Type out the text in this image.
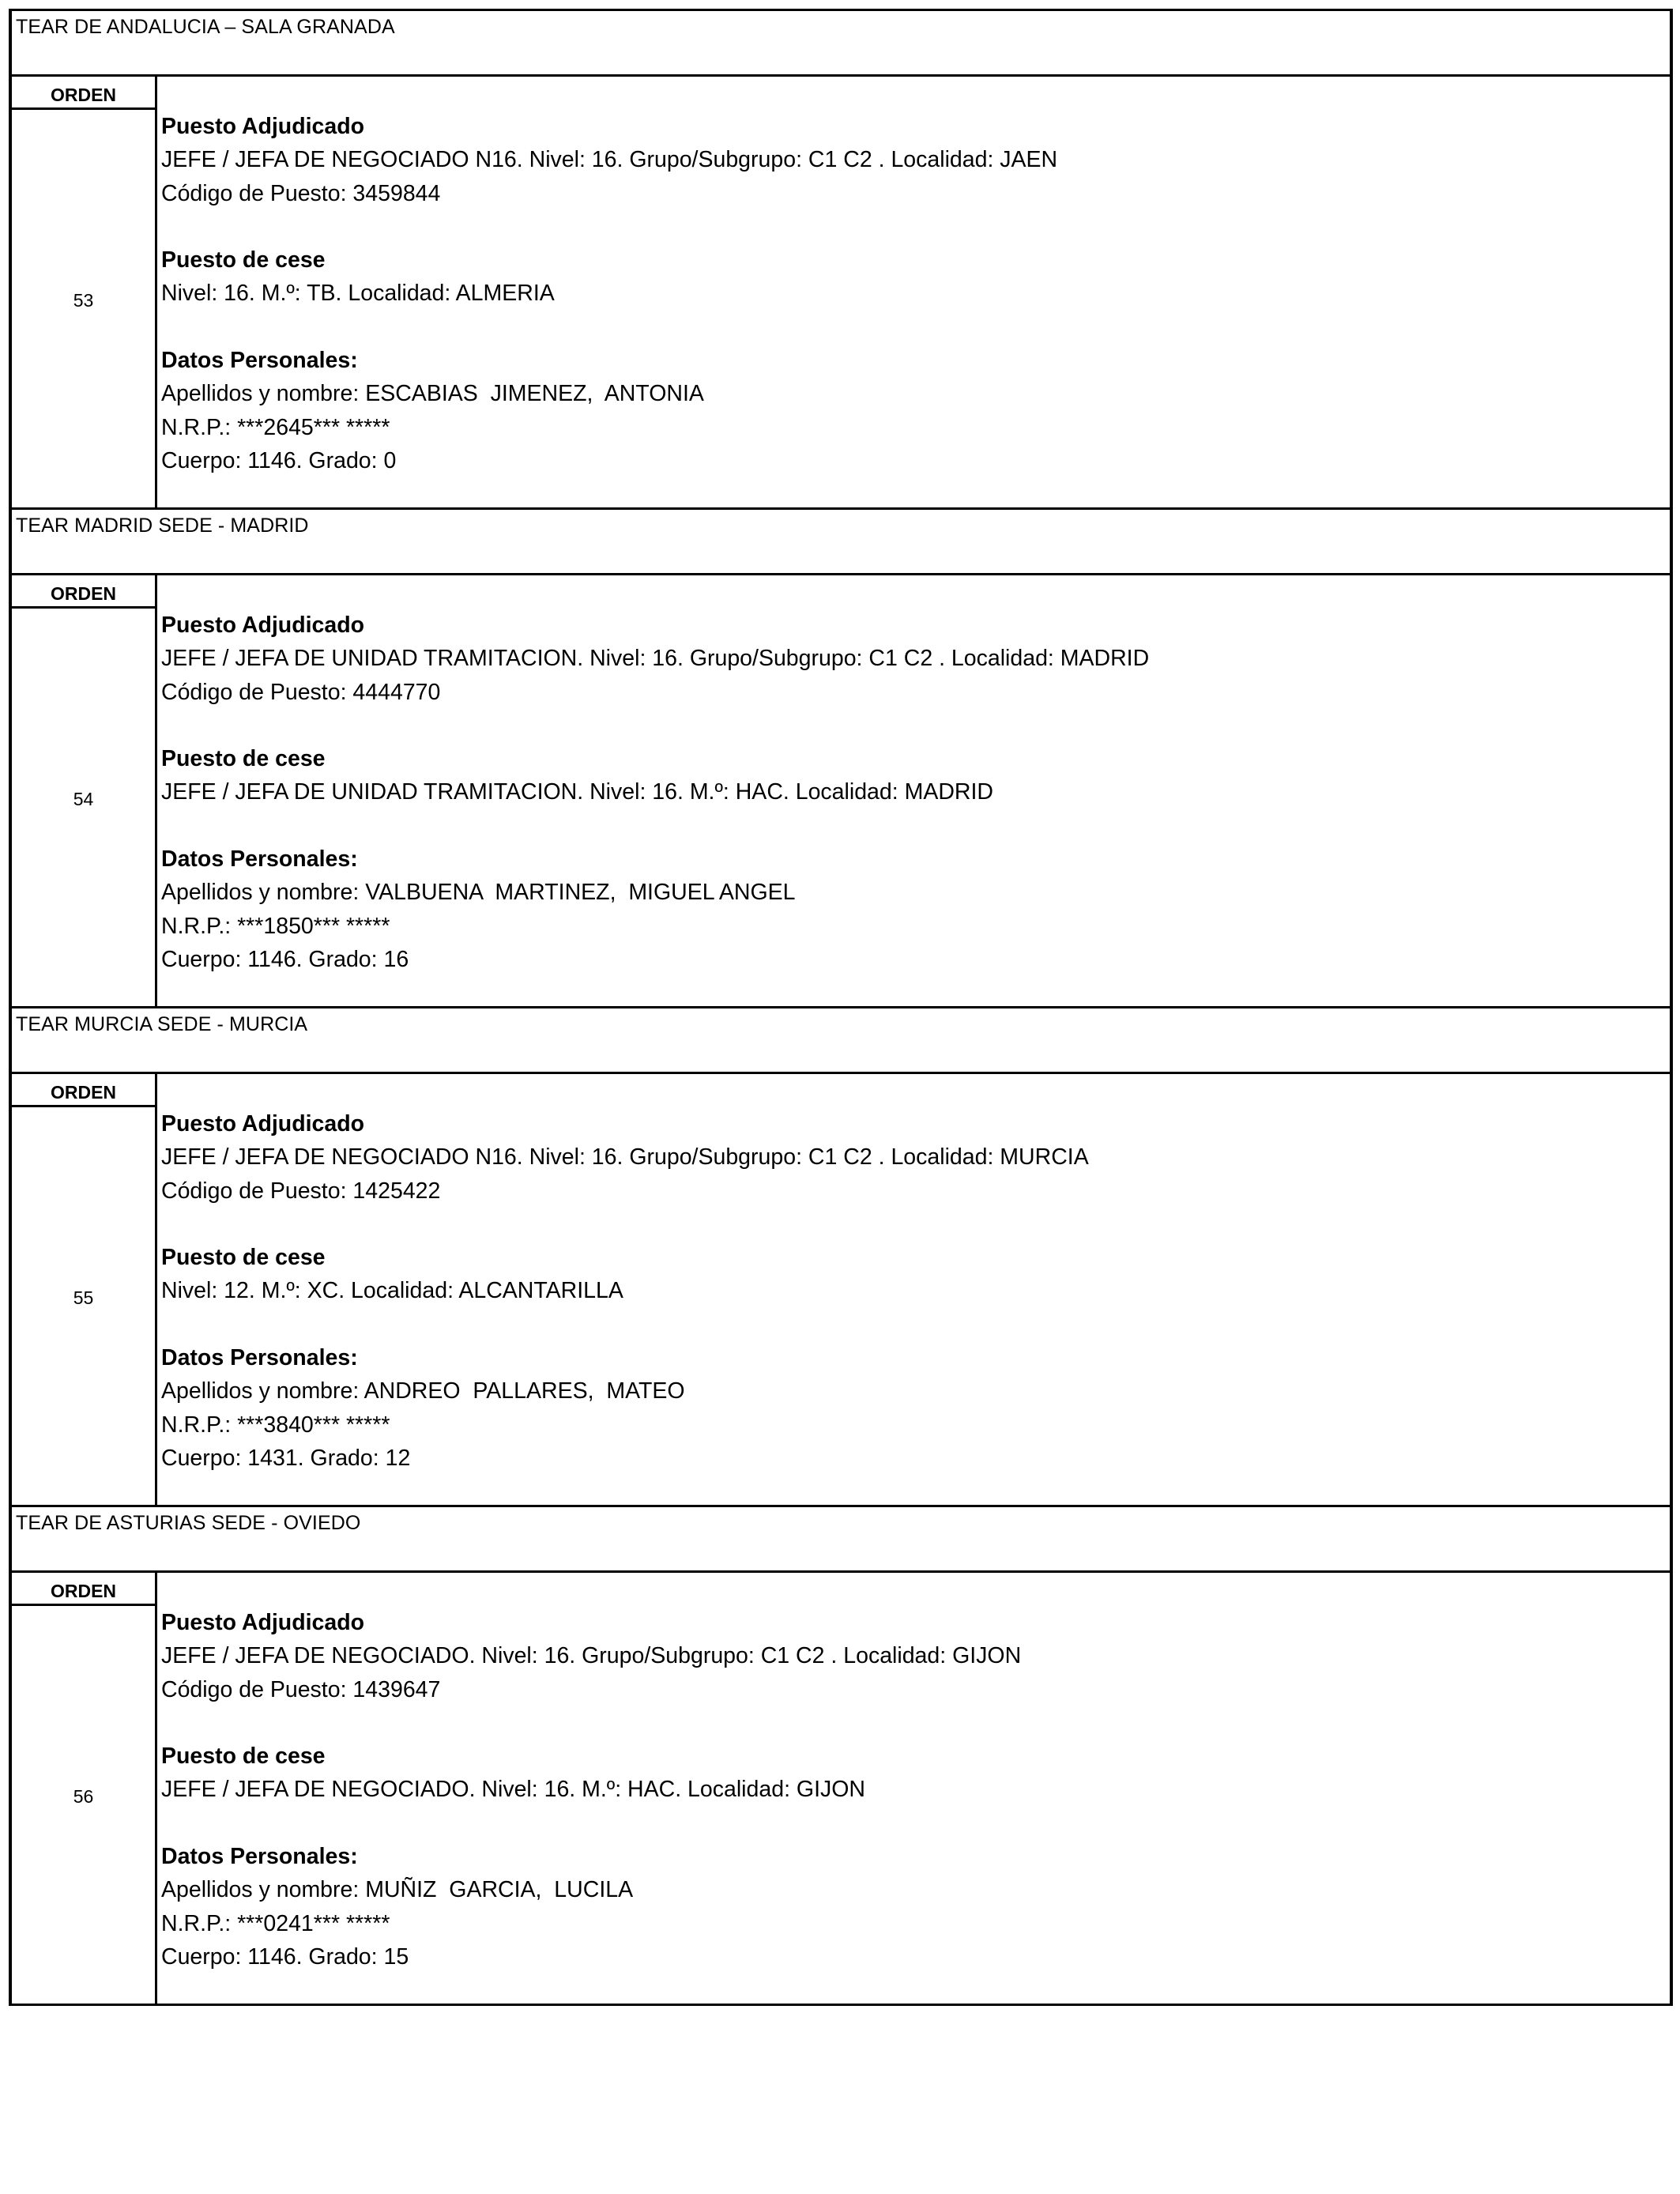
TEAR DE ANDALUCIA – SALA GRANADA
ORDEN
53
Puesto Adjudicado
JEFE / JEFA DE NEGOCIADO N16. Nivel: 16. Grupo/Subgrupo: C1 C2 . Localidad: JAEN
Código de Puesto: 3459844
Puesto de cese
Nivel: 16. M.º: TB. Localidad: ALMERIA
Datos Personales:
Apellidos y nombre: ESCABIAS  JIMENEZ,  ANTONIA
N.R.P.: ***2645*** *****
Cuerpo: 1146. Grado: 0
TEAR MADRID SEDE - MADRID
ORDEN
54
Puesto Adjudicado
JEFE / JEFA DE UNIDAD TRAMITACION. Nivel: 16. Grupo/Subgrupo: C1 C2 . Localidad: MADRID
Código de Puesto: 4444770
Puesto de cese
JEFE / JEFA DE UNIDAD TRAMITACION. Nivel: 16. M.º: HAC. Localidad: MADRID
Datos Personales:
Apellidos y nombre: VALBUENA  MARTINEZ,  MIGUEL ANGEL
N.R.P.: ***1850*** *****
Cuerpo: 1146. Grado: 16
TEAR MURCIA SEDE - MURCIA
ORDEN
55
Puesto Adjudicado
JEFE / JEFA DE NEGOCIADO N16. Nivel: 16. Grupo/Subgrupo: C1 C2 . Localidad: MURCIA
Código de Puesto: 1425422
Puesto de cese
Nivel: 12. M.º: XC. Localidad: ALCANTARILLA
Datos Personales:
Apellidos y nombre: ANDREO  PALLARES,  MATEO
N.R.P.: ***3840*** *****
Cuerpo: 1431. Grado: 12
TEAR DE ASTURIAS SEDE - OVIEDO
ORDEN
56
Puesto Adjudicado
JEFE / JEFA DE NEGOCIADO. Nivel: 16. Grupo/Subgrupo: C1 C2 . Localidad: GIJON
Código de Puesto: 1439647
Puesto de cese
JEFE / JEFA DE NEGOCIADO. Nivel: 16. M.º: HAC. Localidad: GIJON
Datos Personales:
Apellidos y nombre: MUÑIZ  GARCIA,  LUCILA
N.R.P.: ***0241*** *****
Cuerpo: 1146. Grado: 15
